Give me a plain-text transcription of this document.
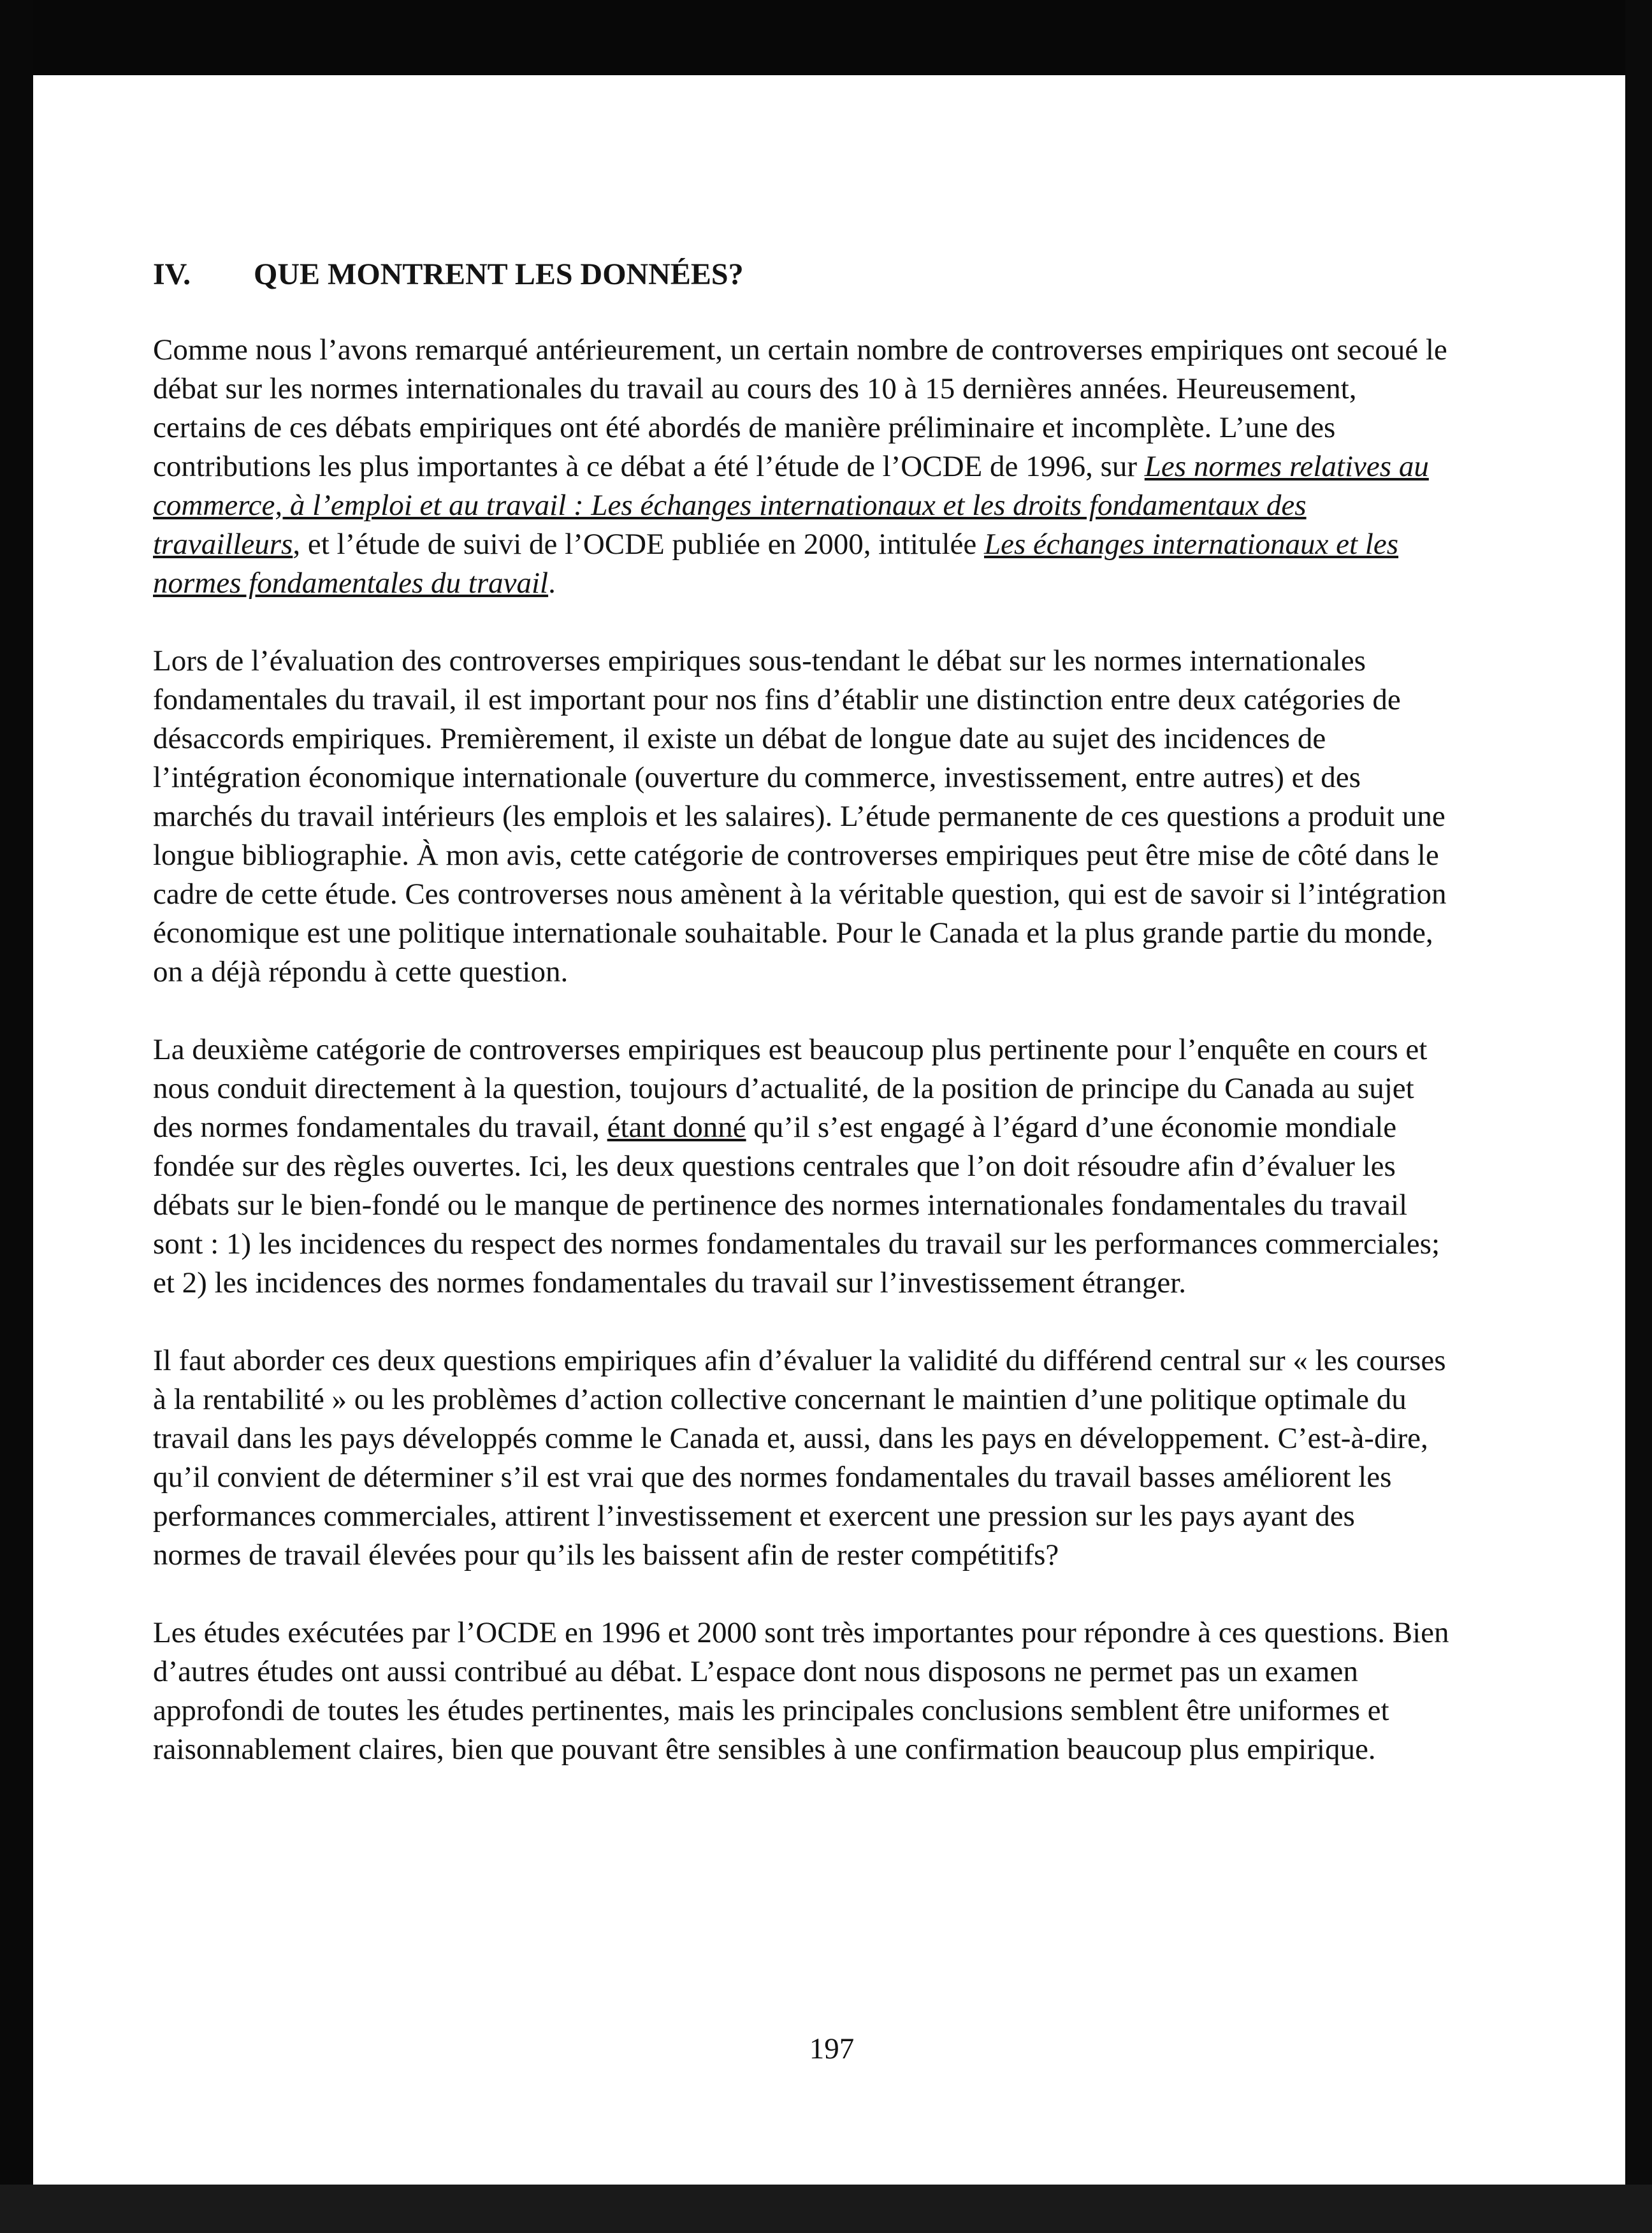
IV. QUE MONTRENT LES DONNÉES?

Comme nous l’avons remarqué antérieurement, un certain nombre de controverses empiriques ont secoué le débat sur les normes internationales du travail au cours des 10 à 15 dernières années. Heureusement, certains de ces débats empiriques ont été abordés de manière préliminaire et incomplète. L’une des contributions les plus importantes à ce débat a été l’étude de l’OCDE de 1996, sur Les normes relatives au commerce, à l’emploi et au travail : Les échanges internationaux et les droits fondamentaux des travailleurs, et l’étude de suivi de l’OCDE publiée en 2000, intitulée Les échanges internationaux et les normes fondamentales du travail.

Lors de l’évaluation des controverses empiriques sous-tendant le débat sur les normes internationales fondamentales du travail, il est important pour nos fins d’établir une distinction entre deux catégories de désaccords empiriques. Premièrement, il existe un débat de longue date au sujet des incidences de l’intégration économique internationale (ouverture du commerce, investissement, entre autres) et des marchés du travail intérieurs (les emplois et les salaires). L’étude permanente de ces questions a produit une longue bibliographie. À mon avis, cette catégorie de controverses empiriques peut être mise de côté dans le cadre de cette étude. Ces controverses nous amènent à la véritable question, qui est de savoir si l’intégration économique est une politique internationale souhaitable. Pour le Canada et la plus grande partie du monde, on a déjà répondu à cette question.

La deuxième catégorie de controverses empiriques est beaucoup plus pertinente pour l’enquête en cours et nous conduit directement à la question, toujours d’actualité, de la position de principe du Canada au sujet des normes fondamentales du travail, étant donné qu’il s’est engagé à l’égard d’une économie mondiale fondée sur des règles ouvertes. Ici, les deux questions centrales que l’on doit résoudre afin d’évaluer les débats sur le bien-fondé ou le manque de pertinence des normes internationales fondamentales du travail sont : 1) les incidences du respect des normes fondamentales du travail sur les performances commerciales; et 2) les incidences des normes fondamentales du travail sur l’investissement étranger.

Il faut aborder ces deux questions empiriques afin d’évaluer la validité du différend central sur « les courses à la rentabilité » ou les problèmes d’action collective concernant le maintien d’une politique optimale du travail dans les pays développés comme le Canada et, aussi, dans les pays en développement. C’est-à-dire, qu’il convient de déterminer s’il est vrai que des normes fondamentales du travail basses améliorent les performances commerciales, attirent l’investissement et exercent une pression sur les pays ayant des normes de travail élevées pour qu’ils les baissent afin de rester compétitifs?

Les études exécutées par l’OCDE en 1996 et 2000 sont très importantes pour répondre à ces questions. Bien d’autres études ont aussi contribué au débat. L’espace dont nous disposons ne permet pas un examen approfondi de toutes les études pertinentes, mais les principales conclusions semblent être uniformes et raisonnablement claires, bien que pouvant être sensibles à une confirmation beaucoup plus empirique.

197
